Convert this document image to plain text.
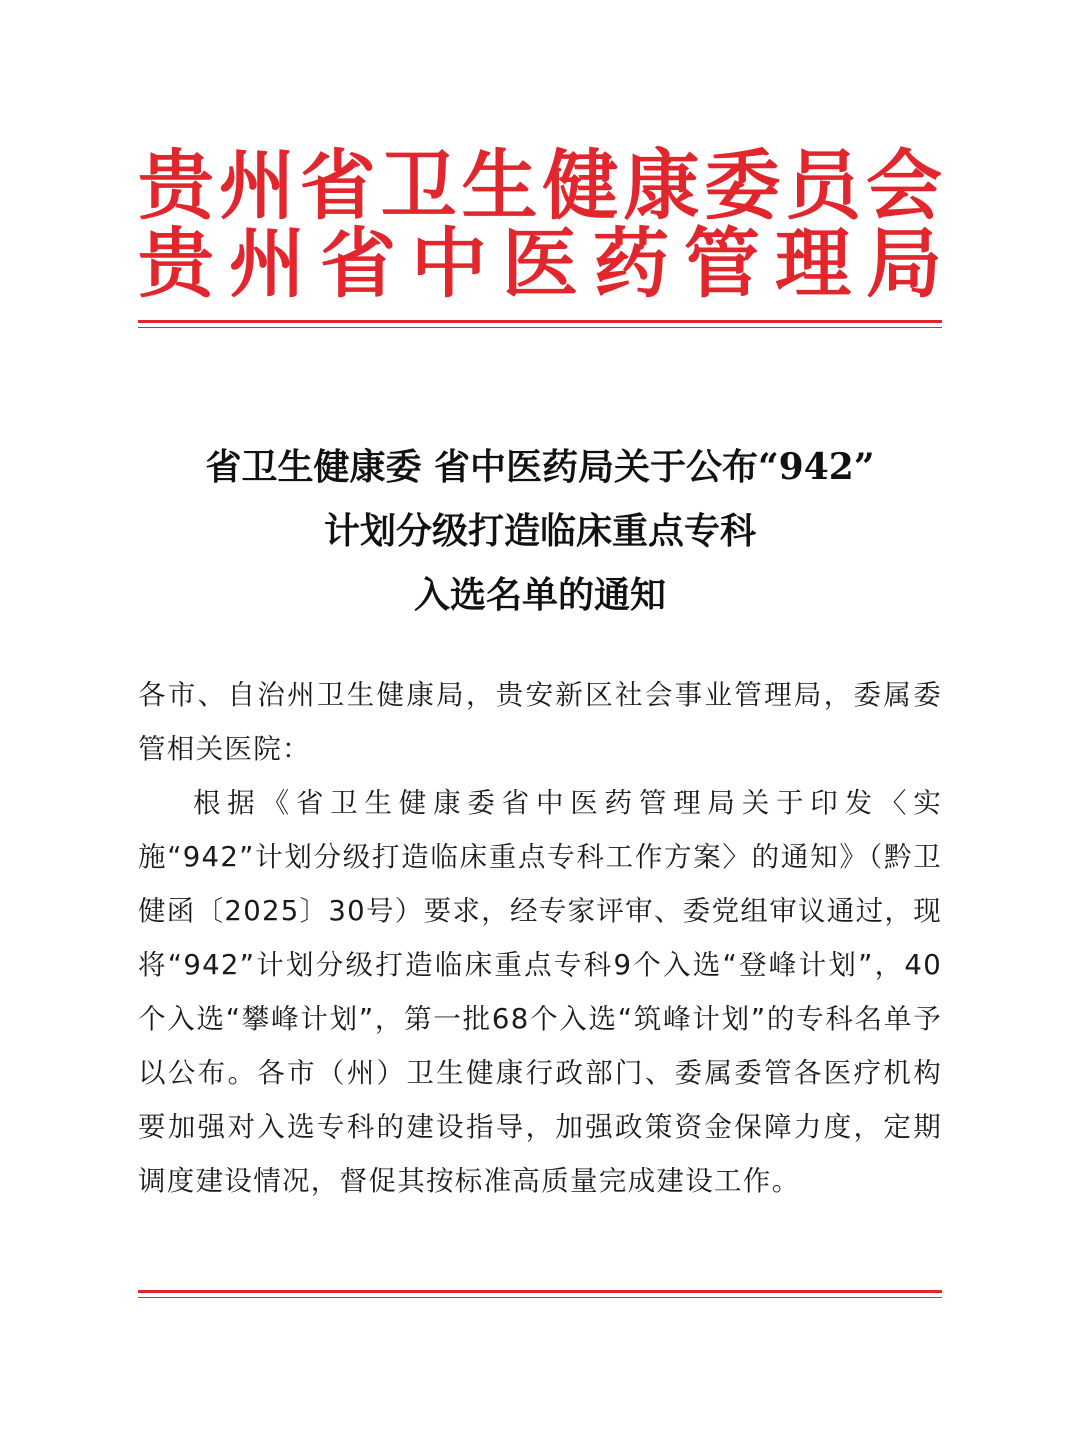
贵州省卫生健康委员会
贵州省中医药管理局
省卫生健康委 省中医药局关于公布“942”
计划分级打造临床重点专科
入选名单的通知

各市、自治州卫生健康局，贵安新区社会事业管理局，委属委管相关医院：

根据《省卫生健康委省中医药管理局关于印发〈实施“942”计划分级打造临床重点专科工作方案〉的通知》（黔卫健函〔2025〕30号）要求，经专家评审、委党组审议通过，现将“942”计划分级打造临床重点专科9个入选“登峰计划”，40个入选“攀峰计划”，第一批68个入选“筑峰计划”的专科名单予以公布。各市（州）卫生健康行政部门、委属委管各医疗机构要加强对入选专科的建设指导，加强政策资金保障力度，定期调度建设情况，督促其按标准高质量完成建设工作。
